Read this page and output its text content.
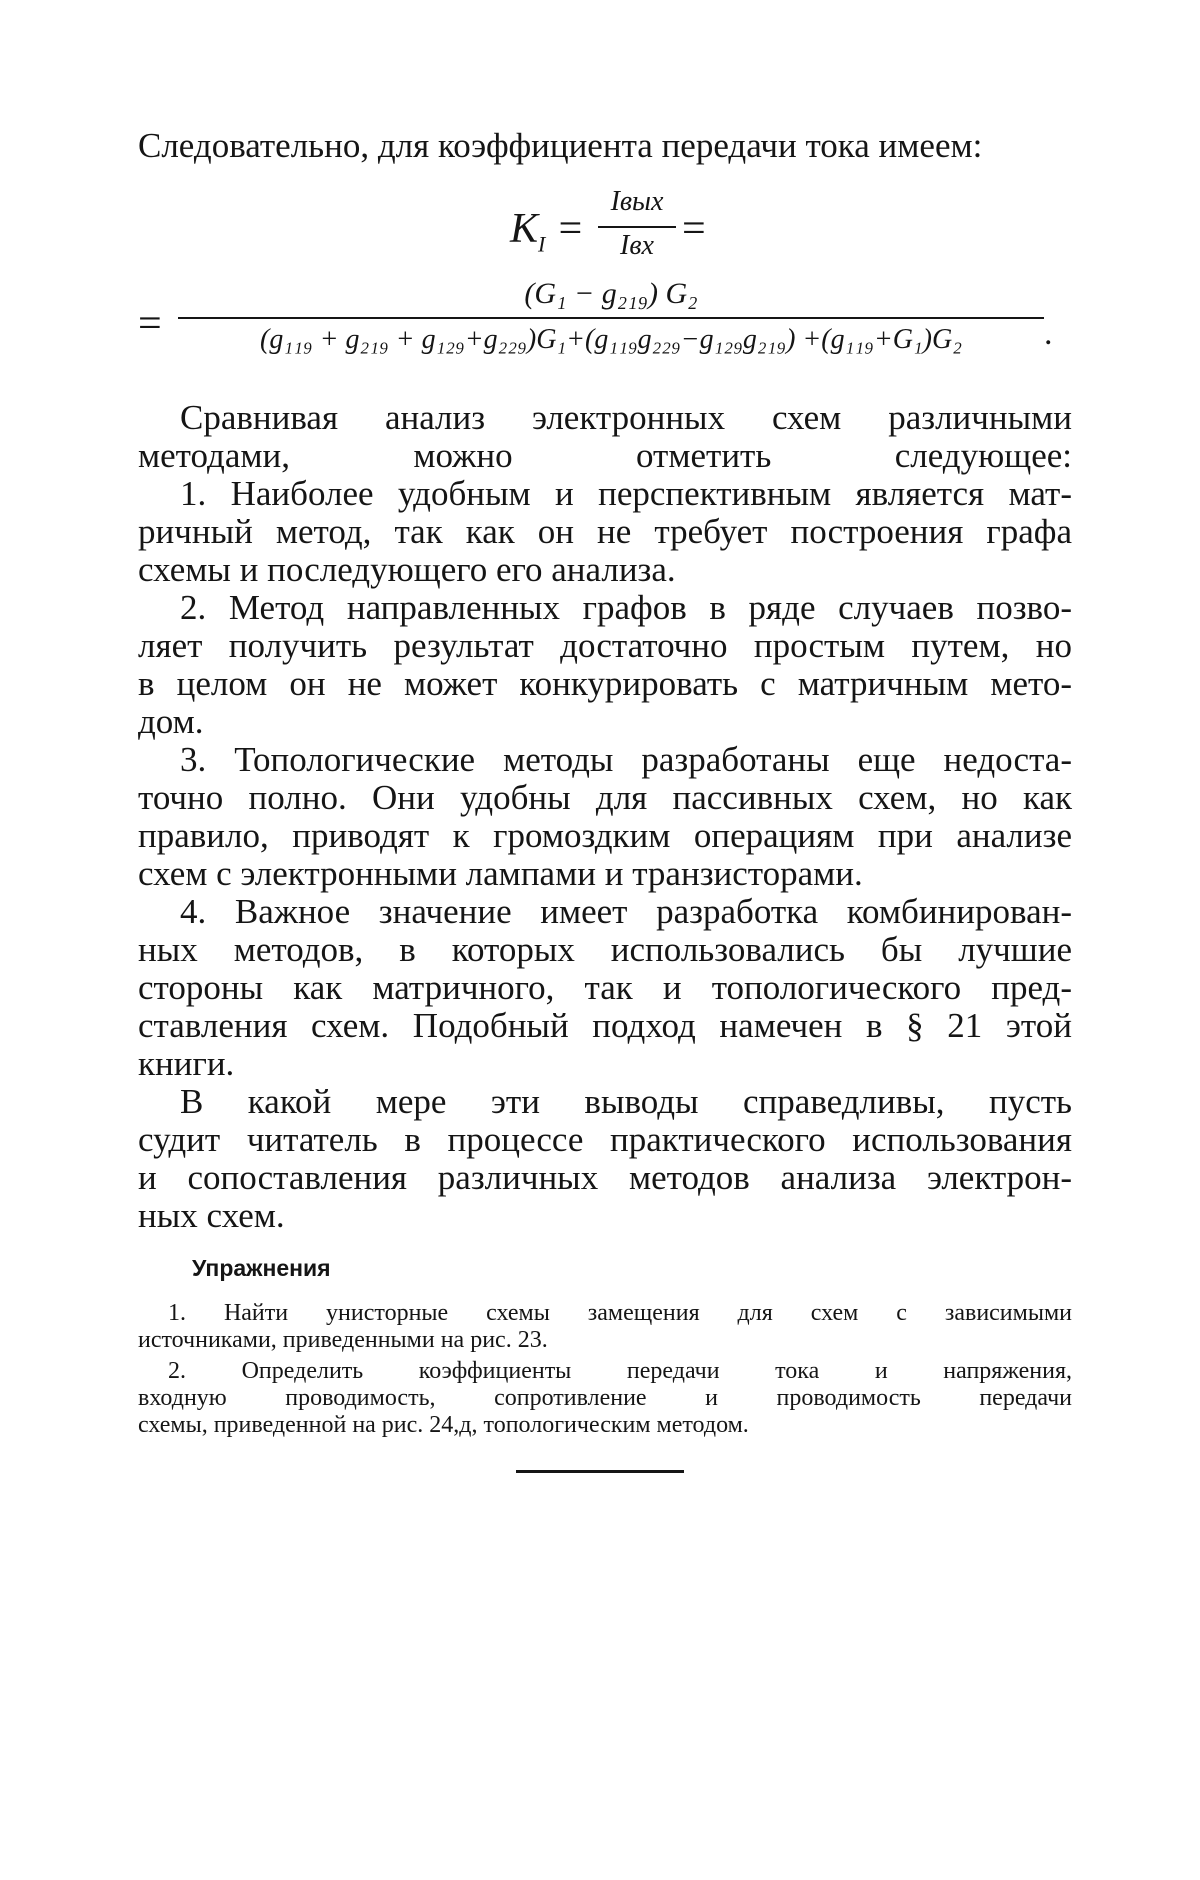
Следовательно, для коэффициента передачи тока имеем:
$K_I$ =
Iвых
Iвх =
=
(G₁ − g₂₁₉) G₂
(g₁₁₉ + g₂₁₉ + g₁₂₉+g₂₂₉)G₁+(g₁₁₉g₂₂₉−g₁₂₉g₂₁₉) +(g₁₁₉+G₁)G₂	.
Сравнивая анализ электронных схем различными
методами, можно отметить следующее:
1. Наиболее удобным и перспективным является мат-
ричный метод, так как он не требует построения графа
схемы и последующего его анализа.
2. Метод направленных графов в ряде случаев позво-
ляет получить результат достаточно простым путем, но
в целом он не может конкурировать с матричным мето-
дом.
3. Топологические методы разработаны еще недоста-
точно полно. Они удобны для пассивных схем, но как
правило, приводят к громоздким операциям при анализе
схем с электронными лампами и транзисторами.
4. Важное значение имеет разработка комбинирован-
ных методов, в которых использовались бы лучшие
стороны как матричного, так и топологического пред-
ставления схем. Подобный подход намечен в § 21 этой
книги.
В какой мере эти выводы справедливы, пусть
судит читатель в процессе практического использования
и сопоставления различных методов анализа электрон-
ных схем.
Упражнения
1. Найти унисторные схемы замещения для схем с зависимыми
источниками, приведенными на рис. 23.
2. Определить коэффициенты передачи тока и напряжения,
входную проводимость, сопротивление и проводимость передачи
схемы, приведенной на рис. 24,д, топологическим методом.
